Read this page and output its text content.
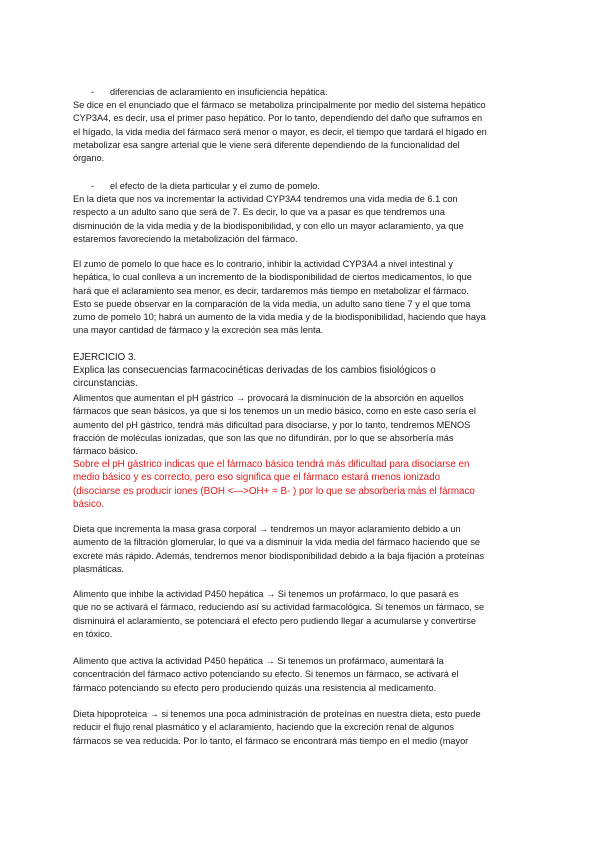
- diferencias de aclaramiento en insuficiencia hepática.

Se dice en el enunciado que el fármaco se metaboliza principalmente por medio del sistema hepático
CYP3A4, es decir, usa el primer paso hepático. Por lo tanto, dependiendo del daño que suframos en
el hígado, la vida media del fármaco será menor o mayor, es decir, el tiempo que tardará el hígado en
metabolizar esa sangre arterial que le viene será diferente dependiendo de la funcionalidad del
órgano.

- el efecto de la dieta particular y el zumo de pomelo.

En la dieta que nos va incrementar la actividad CYP3A4 tendremos una vida media de 6.1 con
respecto a un adulto sano que será de 7. Es decir, lo que va a pasar es que tendremos una
disminución de la vida media y de la biodisponibilidad, y con ello un mayor aclaramiento, ya que
estaremos favoreciendo la metabolización del fármaco.

El zumo de pomelo lo que hace es lo contrario, inhibir la actividad CYP3A4 a nivel intestinal y
hepática, lo cual conlleva a un incremento de la biodisponibilidad de ciertos medicamentos, lo que
hará que el aclaramiento sea menor, es decir, tardaremos más tiempo en metabolizar el fármaco.
Esto se puede observar en la comparación de la vida media, un adulto sano tiene 7 y el que toma
zumo de pomelo 10; habrá un aumento de la vida media y de la biodisponibilidad, haciendo que haya
una mayor cantidad de fármaco y la excreción sea más lenta.

EJERCICIO 3.

Explica las consecuencias farmacocinéticas derivadas de los cambios fisiológicos o
circunstancias.

Alimentos que aumentan el pH gástrico → provocará la disminución de la absorción en aquellos
fármacos que sean básicos, ya que si los tenemos un un medio básico, como en este caso sería el
aumento del pH gástrico, tendrá más dificultad para disociarse, y por lo tanto, tendremos MENOS
fracción de moléculas ionizadas, que son las que no difundirán, por lo que se absorbería más
fármaco básico.

Sobre el pH gástrico indicas que el fármaco básico tendrá más dificultad para disociarse en
medio básico y es correcto, pero eso significa que el fármaco estará menos ionizado
(disociarse es producir iones (BOH <—>OH+ = B- ) por lo que se absorbería más el fármaco
básico.

Dieta que incrementa la masa grasa corporal → tendremos un mayor aclaramiento debido a un
aumento de la filtración glomerular, lo que va a disminuir la vida media del fármaco haciendo que se
excrete más rápido. Además, tendremos menor biodisponibilidad debido a la baja fijación a proteínas
plasmáticas.

Alimento que inhibe la actividad P450 hepática → Si tenemos un profármaco, lo que pasará es
que no se activará el fármaco, reduciendo así su actividad farmacológica. Si tenemos un fármaco, se
disminuirá el aclaramiento, se potenciará el efecto pero pudiendo llegar a acumularse y convertirse
en tóxico.

Alimento que activa la actividad P450 hepática → Si tenemos un profármaco, aumentará la
concentración del fármaco activo potenciando su efecto. Si tenemos un fármaco, se activará el
fármaco potenciando su efecto pero produciendo quizás una resistencia al medicamento.

Dieta hipoproteica → si tenemos una poca administración de proteínas en nuestra dieta, esto puede
reducir el flujo renal plasmático y el aclaramiento, haciendo que la excreción renal de algunos
fármacos se vea reducida. Por lo tanto, el fármaco se encontrará más tiempo en el medio (mayor
